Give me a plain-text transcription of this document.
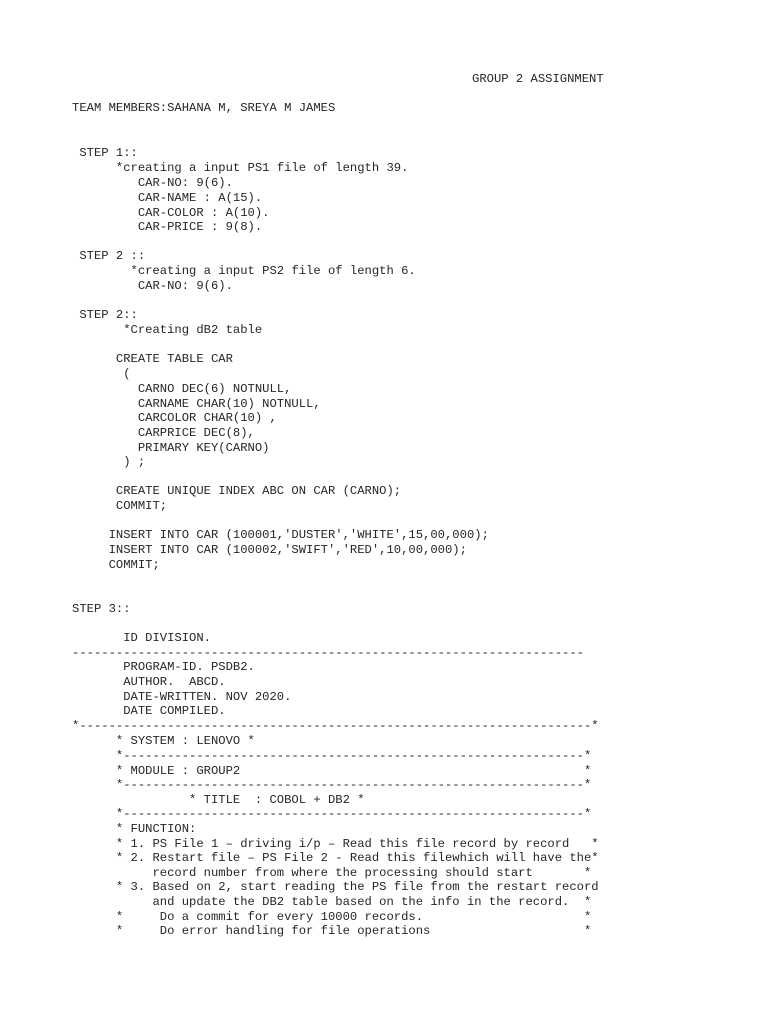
GROUP 2 ASSIGNMENT
TEAM MEMBERS:SAHANA M, SREYA M JAMES
STEP 1::
*creating a input PS1 file of length 39.
CAR-NO: 9(6).
CAR-NAME : A(15).
CAR-COLOR : A(10).
CAR-PRICE : 9(8).
STEP 2 ::
*creating a input PS2 file of length 6.
CAR-NO: 9(6).
STEP 2::
*Creating dB2 table
CREATE TABLE CAR
(
CARNO DEC(6) NOTNULL,
CARNAME CHAR(10) NOTNULL,
CARCOLOR CHAR(10) ,
CARPRICE DEC(8),
PRIMARY KEY(CARNO)
) ;
CREATE UNIQUE INDEX ABC ON CAR (CARNO);
COMMIT;
INSERT INTO CAR (100001,'DUSTER','WHITE',15,00,000);
INSERT INTO CAR (100002,'SWIFT','RED',10,00,000);
COMMIT;
STEP 3::
ID DIVISION.
----------------------------------------------------------------------
PROGRAM-ID. PSDB2.
AUTHOR.  ABCD.
DATE-WRITTEN. NOV 2020.
DATE COMPILED.
*----------------------------------------------------------------------*
* SYSTEM : LENOVO *
*---------------------------------------------------------------*
* MODULE : GROUP2                                               *
*---------------------------------------------------------------*
* TITLE  : COBOL + DB2 *
*---------------------------------------------------------------*
* FUNCTION:
* 1. PS File 1 – driving i/p – Read this file record by record   *
* 2. Restart file – PS File 2 - Read this filewhich will have the*
record number from where the processing should start       *
* 3. Based on 2, start reading the PS file from the restart record
and update the DB2 table based on the info in the record.  *
*     Do a commit for every 10000 records.                      *
*     Do error handling for file operations                     *
